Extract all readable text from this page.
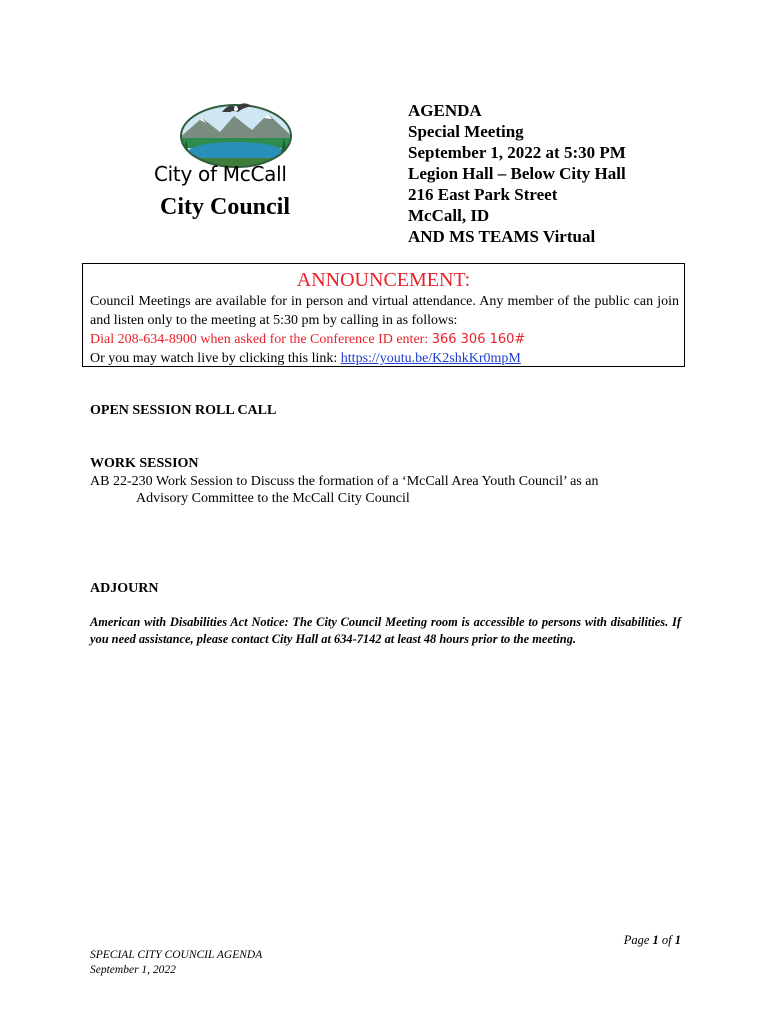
City of McCall
City Council
AGENDA
Special Meeting
September 1, 2022 at 5:30 PM
Legion Hall – Below City Hall
216 East Park Street
McCall, ID
AND MS TEAMS Virtual
ANNOUNCEMENT:
Council Meetings are available for in person and virtual attendance. Any member of the public can join and listen only to the meeting at 5:30 pm by calling in as follows:
Dial 208-634-8900 when asked for the Conference ID enter: 366 306 160#
Or you may watch live by clicking this link: https://youtu.be/K2shkKr0mpM
OPEN SESSION ROLL CALL
WORK SESSION
AB 22-230 Work Session to Discuss the formation of a ‘McCall Area Youth Council’ as an
Advisory Committee to the McCall City Council
ADJOURN
American with Disabilities Act Notice: The City Council Meeting room is accessible to persons with disabilities. If you need assistance, please contact City Hall at 634-7142 at least 48 hours prior to the meeting.
Page 1 of 1
SPECIAL CITY COUNCIL AGENDA
September 1, 2022
